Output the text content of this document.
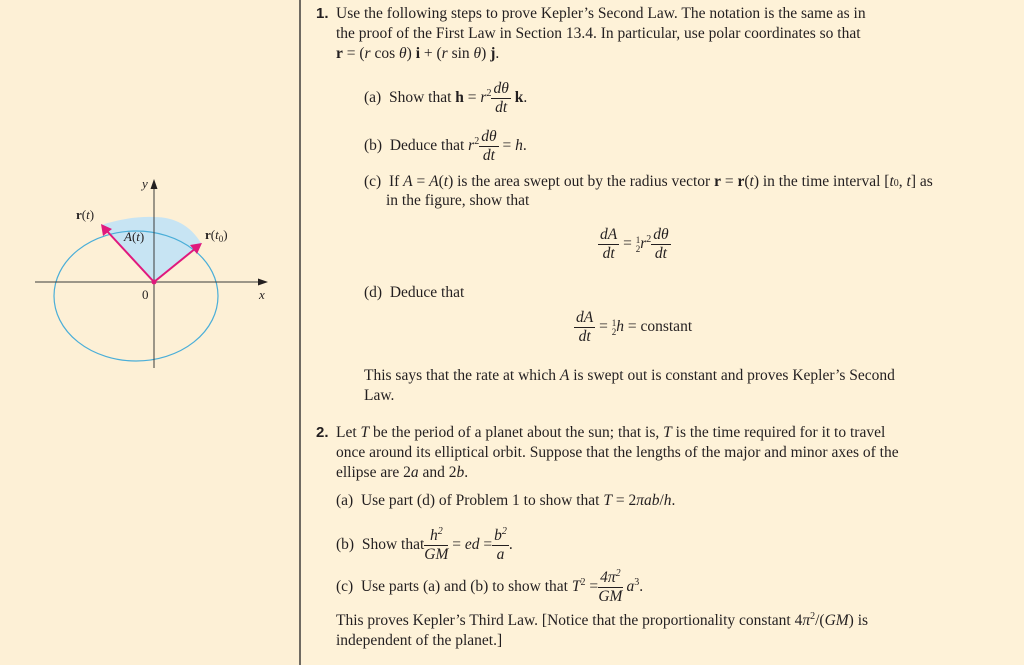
y
x
0
r(t)
A(t)	$r(t_0)$
1. Use the following steps to prove Kepler’s Second Law. The notation is the same as in
the proof of the First Law in Section 13.4. In particular, use polar coordinates so that
r = (r cos θ) i + (r sin θ) j.
(a)  Show that $h = r^2 \frac{d\theta}{dt} k$.
(b)  Deduce that $r^2 \frac{d\theta}{dt} = h$.
(c)  If A = A(t) is the area swept out by the radius vector r = r(t) in the time interval [t0, t] as
in the figure, show that
$\frac{dA}{dt} = 1$
2 $r^2 \frac{d\theta}{dt}$
(d) Deduce that
$\frac{dA}{dt} = 1$
2 h = constant
This says that the rate at which A is swept out is constant and proves Kepler’s Second
Law.
2. Let T be the period of a planet about the sun; that is, T is the time required for it to travel
once around its elliptical orbit. Suppose that the lengths of the major and minor axes of the
ellipse are 2a and 2b.
(a)  Use part (d) of Problem 1 to show that T = 2πab/h.
(b)  Show that $\frac{h^2}{GM}$ = ed = $\frac{b^2}{a}$ .
(c)  Use parts (a) and (b) to show that $T^2 = \frac{4\pi^2}{GM} a^3$.
This proves Kepler’s Third Law. [Notice that the proportionality constant $4\pi^2/(GM)$ is
independent of the planet.]
